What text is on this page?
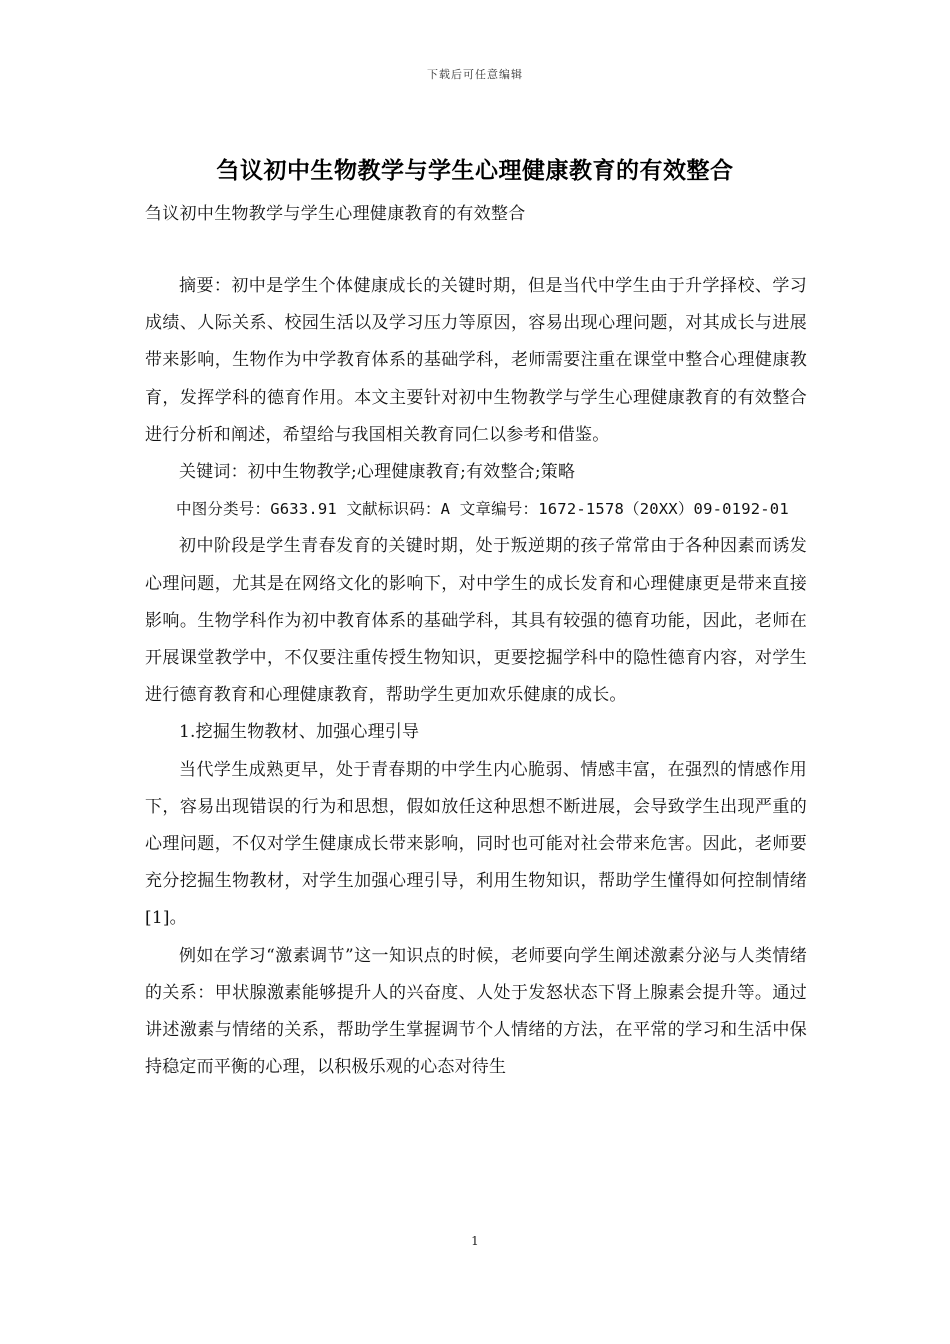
下载后可任意编辑
刍议初中生物教学与学生心理健康教育的有效整合
刍议初中生物教学与学生心理健康教育的有效整合

摘要：初中是学生个体健康成长的关键时期，但是当代中学生由于升学择校、学习成绩、人际关系、校园生活以及学习压力等原因，容易出现心理问题，对其成长与进展带来影响，生物作为中学教育体系的基础学科，老师需要注重在课堂中整合心理健康教育，发挥学科的德育作用。本文主要针对初中生物教学与学生心理健康教育的有效整合进行分析和阐述，希望给与我国相关教育同仁以参考和借鉴。

关键词：初中生物教学;心理健康教育;有效整合;策略

中图分类号：G633.91 文献标识码：A 文章编号：1672-1578（20XX）09-0192-01

初中阶段是学生青春发育的关键时期，处于叛逆期的孩子常常由于各种因素而诱发心理问题，尤其是在网络文化的影响下，对中学生的成长发育和心理健康更是带来直接影响。生物学科作为初中教育体系的基础学科，其具有较强的德育功能，因此，老师在开展课堂教学中，不仅要注重传授生物知识，更要挖掘学科中的隐性德育内容，对学生进行德育教育和心理健康教育，帮助学生更加欢乐健康的成长。

1.挖掘生物教材、加强心理引导

当代学生成熟更早，处于青春期的中学生内心脆弱、情感丰富，在强烈的情感作用下，容易出现错误的行为和思想，假如放任这种思想不断进展，会导致学生出现严重的心理问题，不仅对学生健康成长带来影响，同时也可能对社会带来危害。因此，老师要充分挖掘生物教材，对学生加强心理引导，利用生物知识，帮助学生懂得如何控制情绪[1]。

例如在学习“激素调节”这一知识点的时候，老师要向学生阐述激素分泌与人类情绪的关系：甲状腺激素能够提升人的兴奋度、人处于发怒状态下肾上腺素会提升等。通过讲述激素与情绪的关系，帮助学生掌握调节个人情绪的方法，在平常的学习和生活中保持稳定而平衡的心理，以积极乐观的心态对待生

1
